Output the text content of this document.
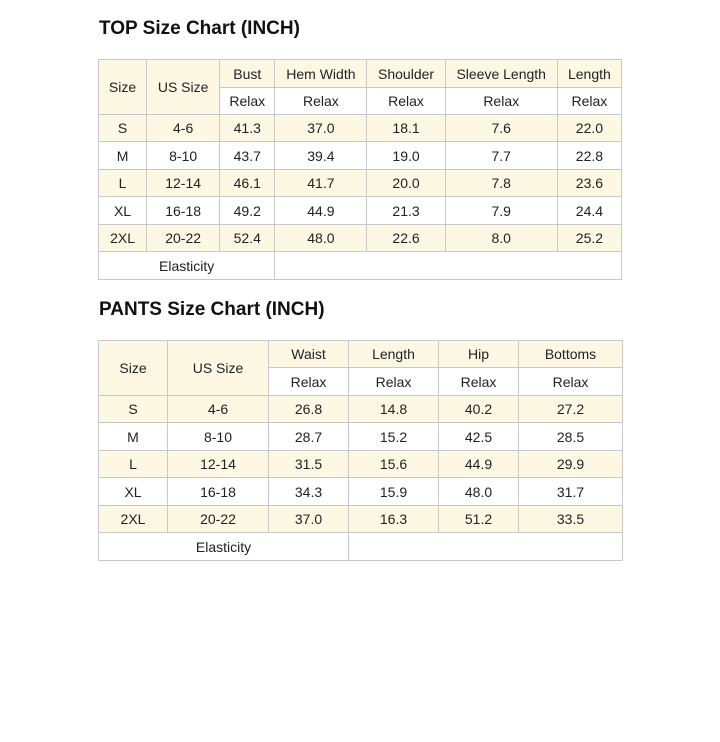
TOP Size Chart (INCH)
Size	US Size	Bust	Hem Width	Shoulder	Sleeve Length	Length
		Relax	Relax	Relax	Relax	Relax
S	4-6	41.3	37.0	18.1	7.6	22.0
M	8-10	43.7	39.4	19.0	7.7	22.8
L	12-14	46.1	41.7	20.0	7.8	23.6
XL	16-18	49.2	44.9	21.3	7.9	24.4
2XL	20-22	52.4	48.0	22.6	8.0	25.2
Elasticity						
PANTS Size Chart (INCH)
Size	US Size	Waist	Length	Hip	Bottoms
		Relax	Relax	Relax	Relax
S	4-6	26.8	14.8	40.2	27.2
M	8-10	28.7	15.2	42.5	28.5
L	12-14	31.5	15.6	44.9	29.9
XL	16-18	34.3	15.9	48.0	31.7
2XL	20-22	37.0	16.3	51.2	33.5
Elasticity					
